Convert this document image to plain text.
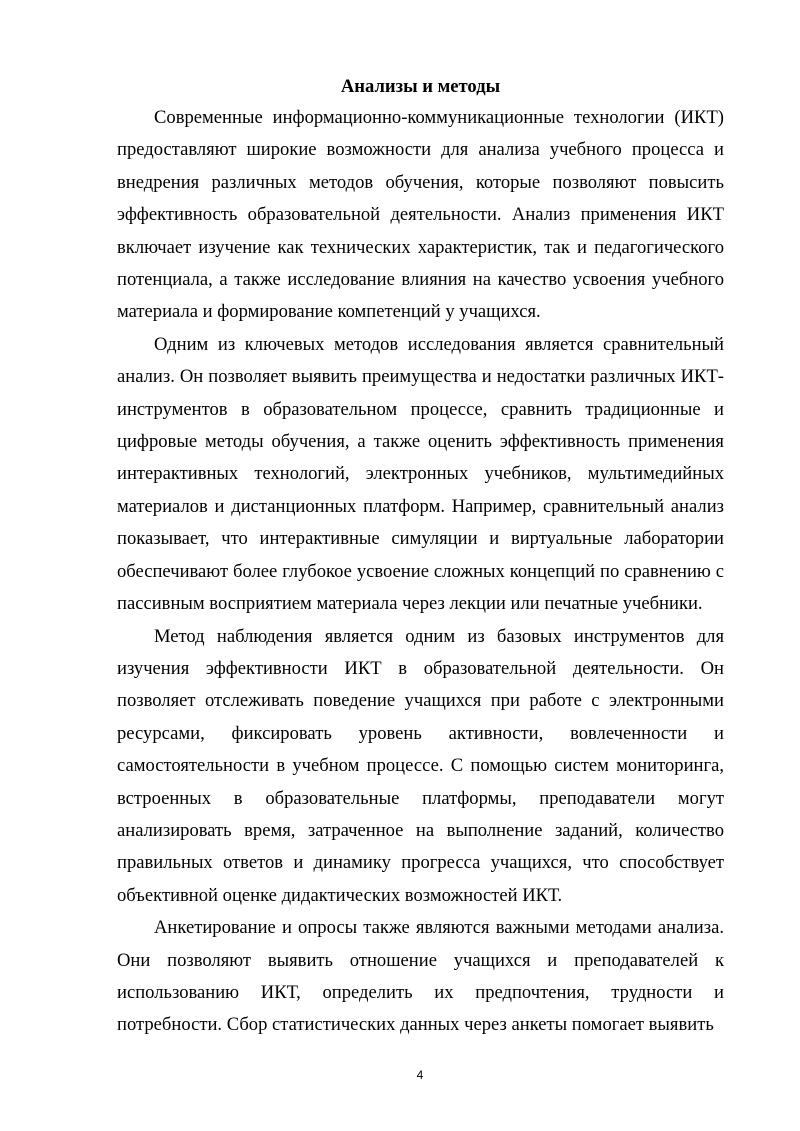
Анализы и методы

Современные информационно-коммуникационные технологии (ИКТ) предоставляют широкие возможности для анализа учебного процесса и внедрения различных методов обучения, которые позволяют повысить эффективность образовательной деятельности. Анализ применения ИКТ включает изучение как технических характеристик, так и педагогического потенциала, а также исследование влияния на качество усвоения учебного материала и формирование компетенций у учащихся.

Одним из ключевых методов исследования является сравнительный анализ. Он позволяет выявить преимущества и недостатки различных ИКТ-инструментов в образовательном процессе, сравнить традиционные и цифровые методы обучения, а также оценить эффективность применения интерактивных технологий, электронных учебников, мультимедийных материалов и дистанционных платформ. Например, сравнительный анализ показывает, что интерактивные симуляции и виртуальные лаборатории обеспечивают более глубокое усвоение сложных концепций по сравнению с пассивным восприятием материала через лекции или печатные учебники.

Метод наблюдения является одним из базовых инструментов для изучения эффективности ИКТ в образовательной деятельности. Он позволяет отслеживать поведение учащихся при работе с электронными ресурсами, фиксировать уровень активности, вовлеченности и самостоятельности в учебном процессе. С помощью систем мониторинга, встроенных в образовательные платформы, преподаватели могут анализировать время, затраченное на выполнение заданий, количество правильных ответов и динамику прогресса учащихся, что способствует объективной оценке дидактических возможностей ИКТ.

Анкетирование и опросы также являются важными методами анализа. Они позволяют выявить отношение учащихся и преподавателей к использованию ИКТ, определить их предпочтения, трудности и потребности. Сбор статистических данных через анкеты помогает выявить

4
